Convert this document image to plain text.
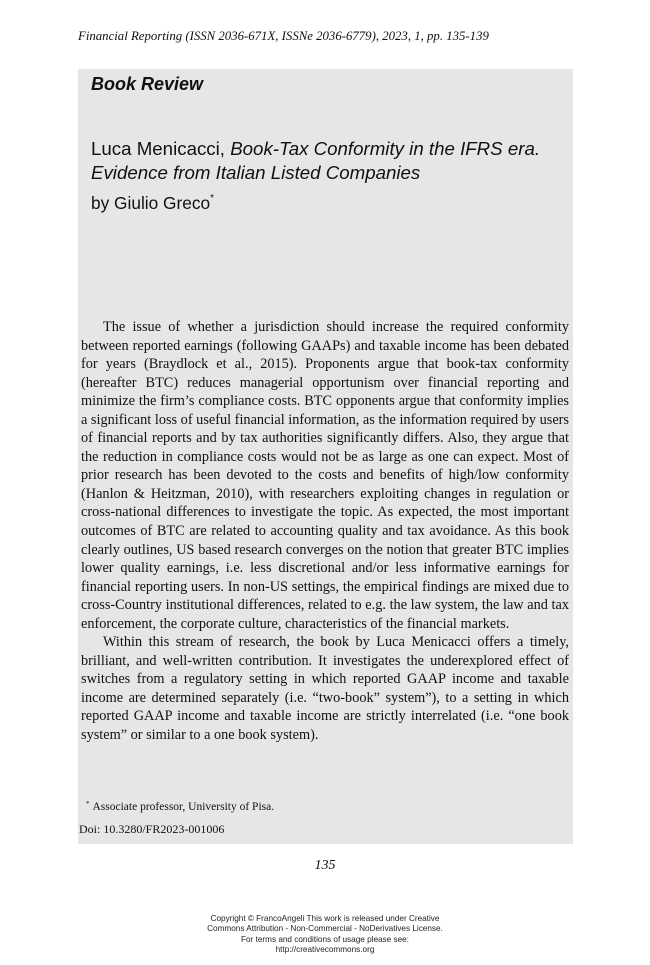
Financial Reporting (ISSN 2036-671X, ISSNe 2036-6779), 2023, 1, pp. 135-139
Book Review
Luca Menicacci, Book-Tax Conformity in the IFRS era.
Evidence from Italian Listed Companies
by Giulio Greco*

The issue of whether a jurisdiction should increase the required conformity between reported earnings (following GAAPs) and taxable income has been debated for years (Braydlock et al., 2015). Proponents argue that book-tax conformity (hereafter BTC) reduces managerial opportunism over financial reporting and minimize the firm’s compliance costs. BTC opponents argue that conformity implies a significant loss of useful financial information, as the information required by users of financial reports and by tax authorities significantly differs. Also, they argue that the reduction in compliance costs would not be as large as one can expect. Most of prior research has been devoted to the costs and benefits of high/low conformity (Hanlon & Heitzman, 2010), with researchers exploiting changes in regulation or cross-national differences to investigate the topic. As expected, the most important outcomes of BTC are related to accounting quality and tax avoidance. As this book clearly outlines, US based research converges on the notion that greater BTC implies lower quality earnings, i.e. less discretional and/or less informative earnings for financial reporting users. In non-US settings, the empirical findings are mixed due to cross-Country institutional differences, related to e.g. the law system, the law and tax enforcement, the corporate culture, characteristics of the financial markets.

Within this stream of research, the book by Luca Menicacci offers a timely, brilliant, and well-written contribution. It investigates the underexplored effect of switches from a regulatory setting in which reported GAAP income and taxable income are determined separately (i.e. “two-book” system”), to a setting in which reported GAAP income and taxable income are strictly interrelated (i.e. “one book system” or similar to a one book system).

* Associate professor, University of Pisa.
Doi: 10.3280/FR2023-001006
135
Copyright © FrancoAngeli This work is released under Creative
Commons Attribution - Non-Commercial - NoDerivatives License.
For terms and conditions of usage please see:
http://creativecommons.org
